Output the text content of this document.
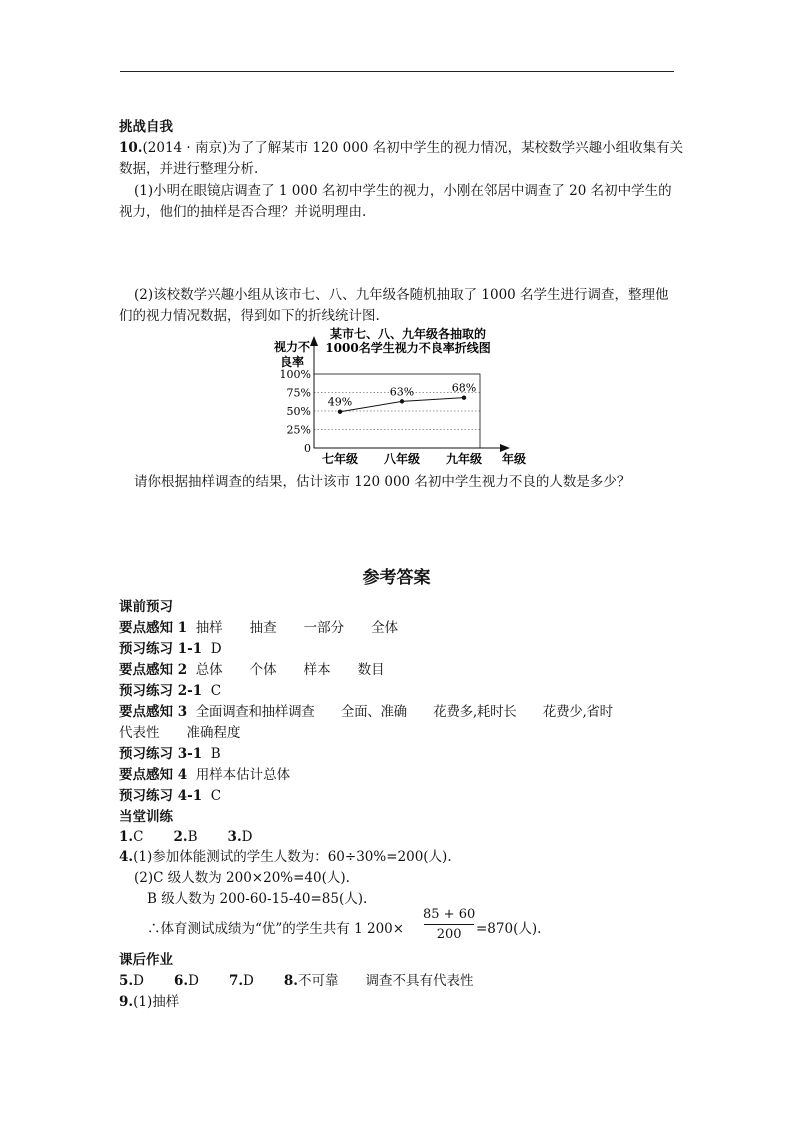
挑战自我
10.(2014 · 南京)为了了解某市 120 000 名初中学生的视力情况，某校数学兴趣小组收集有关
数据，并进行整理分析.
(1)小明在眼镜店调查了 1 000 名初中学生的视力，小刚在邻居中调查了 20 名初中学生的
视力，他们的抽样是否合理？并说明理由.
(2)该校数学兴趣小组从该市七、八、九年级各随机抽取了 1000 名学生进行调查，整理他
们的视力情况数据，得到如下的折线统计图.
某市七、八、九年级各抽取的
1000名学生视力不良率折线图
视力不
良率
0
25%
50%
75%
100%
49%
63%	68%
七年级 八年级 九年级 年级
请你根据抽样调查的结果，估计该市 120 000 名初中学生视力不良的人数是多少？
参考答案
课前预习
要点感知 1 抽样　　抽查　　一部分　　全体
预习练习 1-1 D
要点感知 2 总体　　个体　　样本　　数目
预习练习 2-1 C
要点感知 3 全面调查和抽样调查　　全面、准确　　花费多,耗时长　　花费少,省时
代表性　　准确程度
预习练习 3-1 B
要点感知 4 用样本估计总体
预习练习 4-1 C
当堂训练
1.C 2.B 3.D
4.(1)参加体能测试的学生人数为：60÷30%=200(人).
(2)C 级人数为 200×20%=40(人).
B 级人数为 200-60-15-40=85(人).
∴体育测试成绩为“优”的学生共有 1 200×
85 + 60
200 =870(人).
课后作业
5.D 6.D 7.D 8.不可靠　　调查不具有代表性
9.(1)抽样
